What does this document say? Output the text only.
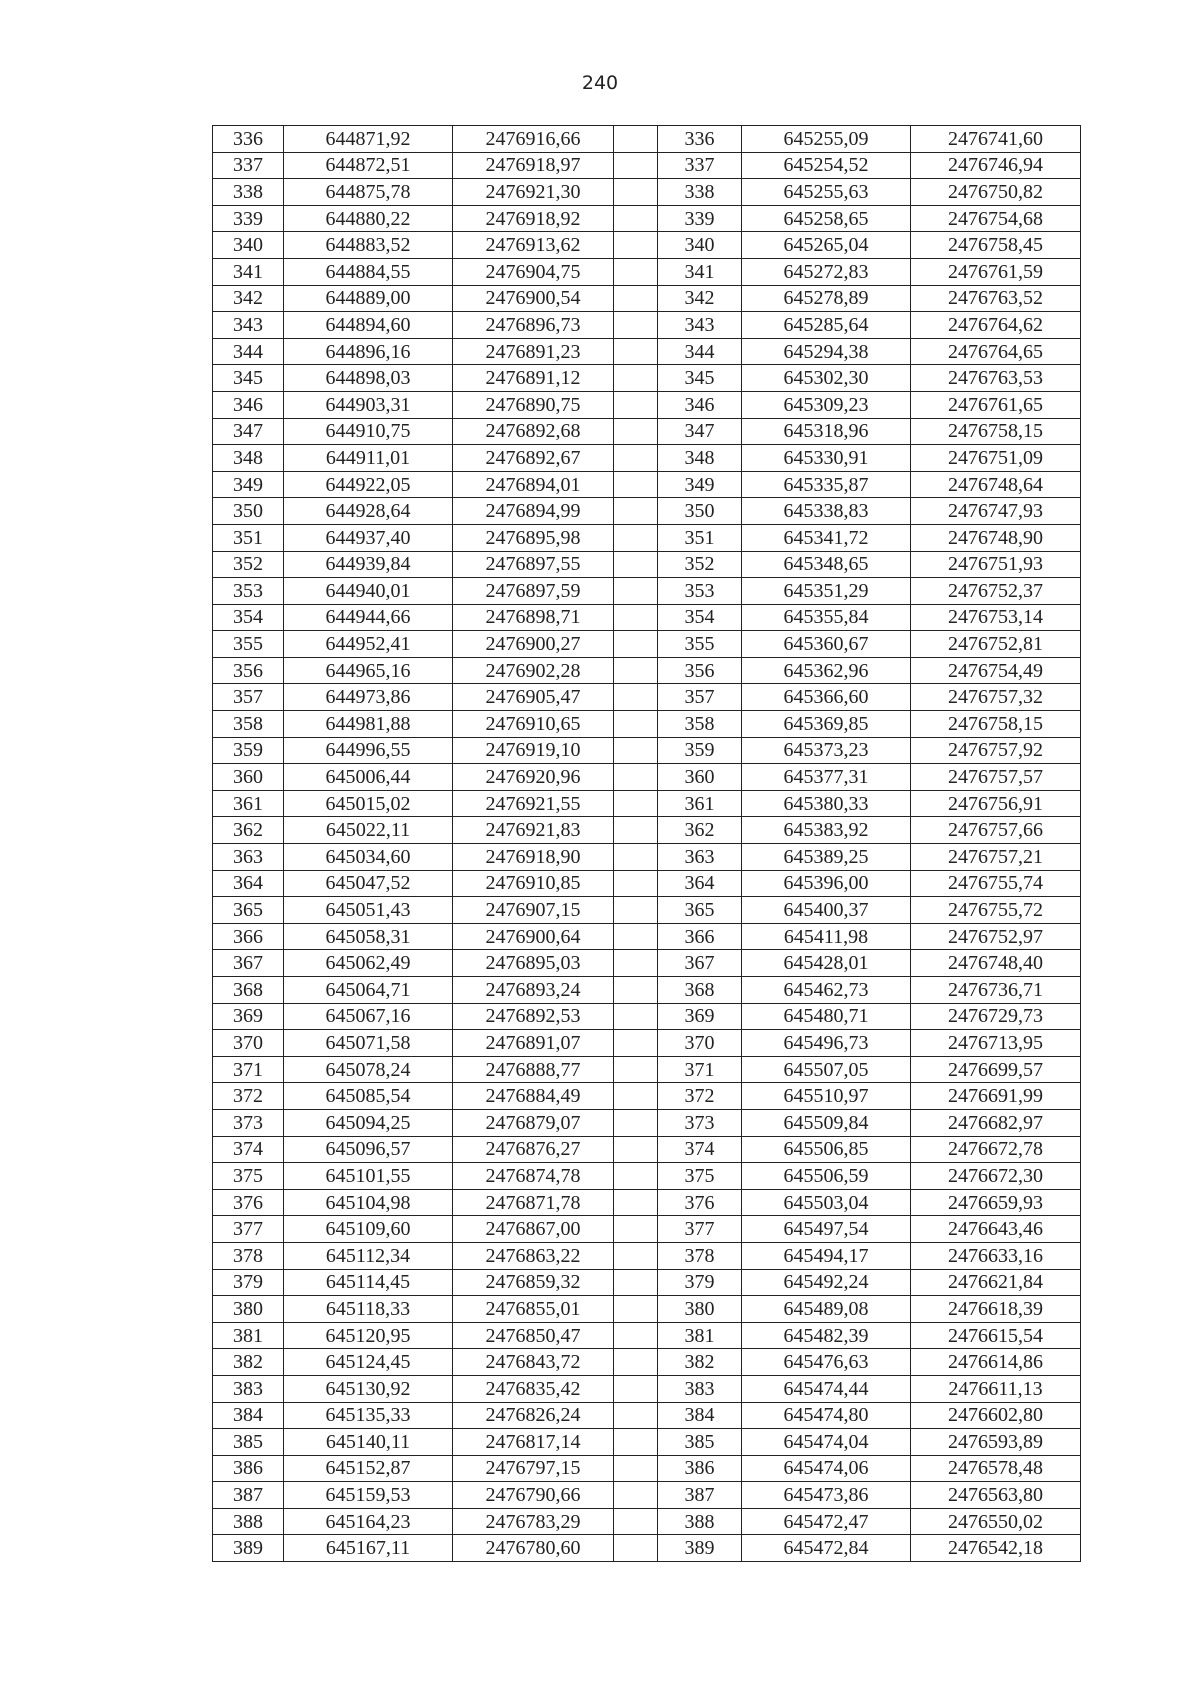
240
336	644871,92	2476916,66		336	645255,09	2476741,60
337	644872,51	2476918,97		337	645254,52	2476746,94
338	644875,78	2476921,30		338	645255,63	2476750,82
339	644880,22	2476918,92		339	645258,65	2476754,68
340	644883,52	2476913,62		340	645265,04	2476758,45
341	644884,55	2476904,75		341	645272,83	2476761,59
342	644889,00	2476900,54		342	645278,89	2476763,52
343	644894,60	2476896,73		343	645285,64	2476764,62
344	644896,16	2476891,23		344	645294,38	2476764,65
345	644898,03	2476891,12		345	645302,30	2476763,53
346	644903,31	2476890,75		346	645309,23	2476761,65
347	644910,75	2476892,68		347	645318,96	2476758,15
348	644911,01	2476892,67		348	645330,91	2476751,09
349	644922,05	2476894,01		349	645335,87	2476748,64
350	644928,64	2476894,99		350	645338,83	2476747,93
351	644937,40	2476895,98		351	645341,72	2476748,90
352	644939,84	2476897,55		352	645348,65	2476751,93
353	644940,01	2476897,59		353	645351,29	2476752,37
354	644944,66	2476898,71		354	645355,84	2476753,14
355	644952,41	2476900,27		355	645360,67	2476752,81
356	644965,16	2476902,28		356	645362,96	2476754,49
357	644973,86	2476905,47		357	645366,60	2476757,32
358	644981,88	2476910,65		358	645369,85	2476758,15
359	644996,55	2476919,10		359	645373,23	2476757,92
360	645006,44	2476920,96		360	645377,31	2476757,57
361	645015,02	2476921,55		361	645380,33	2476756,91
362	645022,11	2476921,83		362	645383,92	2476757,66
363	645034,60	2476918,90		363	645389,25	2476757,21
364	645047,52	2476910,85		364	645396,00	2476755,74
365	645051,43	2476907,15		365	645400,37	2476755,72
366	645058,31	2476900,64		366	645411,98	2476752,97
367	645062,49	2476895,03		367	645428,01	2476748,40
368	645064,71	2476893,24		368	645462,73	2476736,71
369	645067,16	2476892,53		369	645480,71	2476729,73
370	645071,58	2476891,07		370	645496,73	2476713,95
371	645078,24	2476888,77		371	645507,05	2476699,57
372	645085,54	2476884,49		372	645510,97	2476691,99
373	645094,25	2476879,07		373	645509,84	2476682,97
374	645096,57	2476876,27		374	645506,85	2476672,78
375	645101,55	2476874,78		375	645506,59	2476672,30
376	645104,98	2476871,78		376	645503,04	2476659,93
377	645109,60	2476867,00		377	645497,54	2476643,46
378	645112,34	2476863,22		378	645494,17	2476633,16
379	645114,45	2476859,32		379	645492,24	2476621,84
380	645118,33	2476855,01		380	645489,08	2476618,39
381	645120,95	2476850,47		381	645482,39	2476615,54
382	645124,45	2476843,72		382	645476,63	2476614,86
383	645130,92	2476835,42		383	645474,44	2476611,13
384	645135,33	2476826,24		384	645474,80	2476602,80
385	645140,11	2476817,14		385	645474,04	2476593,89
386	645152,87	2476797,15		386	645474,06	2476578,48
387	645159,53	2476790,66		387	645473,86	2476563,80
388	645164,23	2476783,29		388	645472,47	2476550,02
389	645167,11	2476780,60		389	645472,84	2476542,18
